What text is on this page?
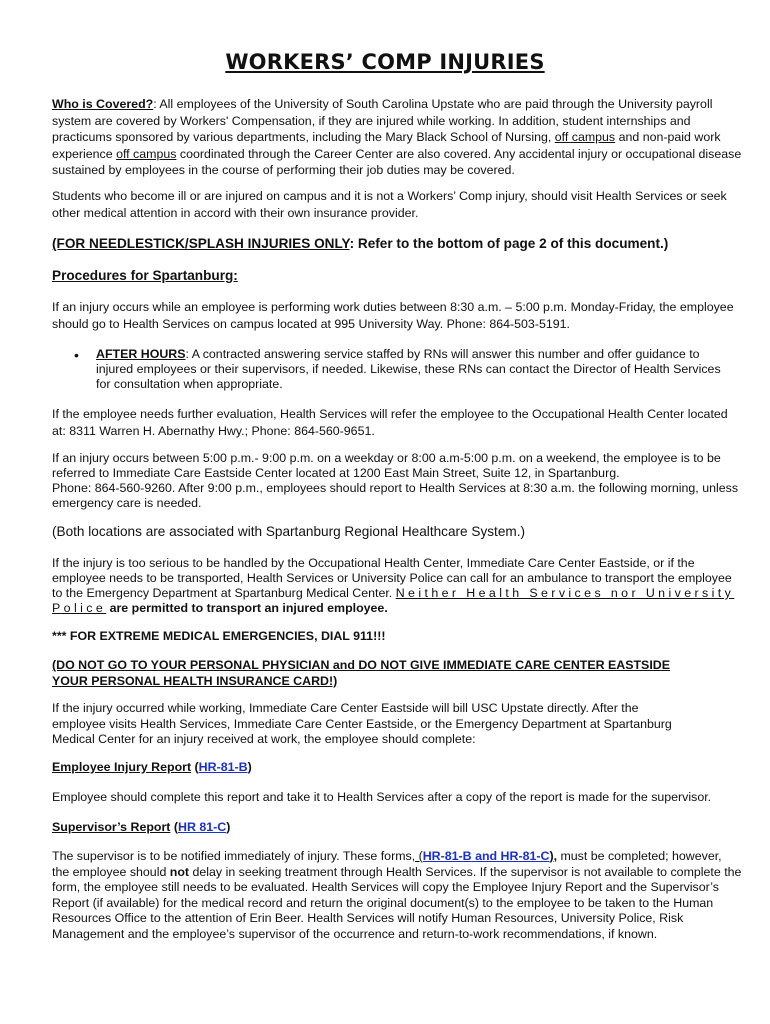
WORKERS’ COMP INJURIES

Who is Covered?: All employees of the University of South Carolina Upstate who are paid through the University payroll system are covered by Workers' Compensation, if they are injured while working. In addition, student internships and practicums sponsored by various departments, including the Mary Black School of Nursing, off campus and non-paid work experience off campus coordinated through the Career Center are also covered. Any accidental injury or occupational disease sustained by employees in the course of performing their job duties may be covered.

Students who become ill or are injured on campus and it is not a Workers’ Comp injury, should visit Health Services or seek other medical attention in accord with their own insurance provider.

(FOR NEEDLESTICK/SPLASH INJURIES ONLY: Refer to the bottom of page 2 of this document.)

Procedures for Spartanburg:

If an injury occurs while an employee is performing work duties between 8:30 a.m. – 5:00 p.m. Monday-Friday, the employee should go to Health Services on campus located at 995 University Way. Phone: 864-503-5191.

• AFTER HOURS: A contracted answering service staffed by RNs will answer this number and offer guidance to injured employees or their supervisors, if needed. Likewise, these RNs can contact the Director of Health Services for consultation when appropriate.

If the employee needs further evaluation, Health Services will refer the employee to the Occupational Health Center located at: 8311 Warren H. Abernathy Hwy.; Phone: 864-560-9651.

If an injury occurs between 5:00 p.m.- 9:00 p.m. on a weekday or 8:00 a.m-5:00 p.m. on a weekend, the employee is to be referred to Immediate Care Eastside Center located at 1200 East Main Street, Suite 12, in Spartanburg.
Phone: 864-560-9260. After 9:00 p.m., employees should report to Health Services at 8:30 a.m. the following morning, unless emergency care is needed.

(Both locations are associated with Spartanburg Regional Healthcare System.)

If the injury is too serious to be handled by the Occupational Health Center, Immediate Care Center Eastside, or if the employee needs to be transported, Health Services or University Police can call for an ambulance to transport the employee to the Emergency Department at Spartanburg Medical Center. Neither Health Services nor University Police are permitted to transport an injured employee.

*** FOR EXTREME MEDICAL EMERGENCIES, DIAL 911!!!

(DO NOT GO TO YOUR PERSONAL PHYSICIAN and DO NOT GIVE IMMEDIATE CARE CENTER EASTSIDE YOUR PERSONAL HEALTH INSURANCE CARD!)

If the injury occurred while working, Immediate Care Center Eastside will bill USC Upstate directly. After the employee visits Health Services, Immediate Care Center Eastside, or the Emergency Department at Spartanburg Medical Center for an injury received at work, the employee should complete:

Employee Injury Report (HR-81-B)

Employee should complete this report and take it to Health Services after a copy of the report is made for the supervisor.

Supervisor’s Report (HR 81-C)

The supervisor is to be notified immediately of injury. These forms, (HR-81-B and HR-81-C), must be completed; however, the employee should not delay in seeking treatment through Health Services. If the supervisor is not available to complete the form, the employee still needs to be evaluated. Health Services will copy the Employee Injury Report and the Supervisor’s Report (if available) for the medical record and return the original document(s) to the employee to be taken to the Human Resources Office to the attention of Erin Beer. Health Services will notify Human Resources, University Police, Risk Management and the employee’s supervisor of the occurrence and return-to-work recommendations, if known.
